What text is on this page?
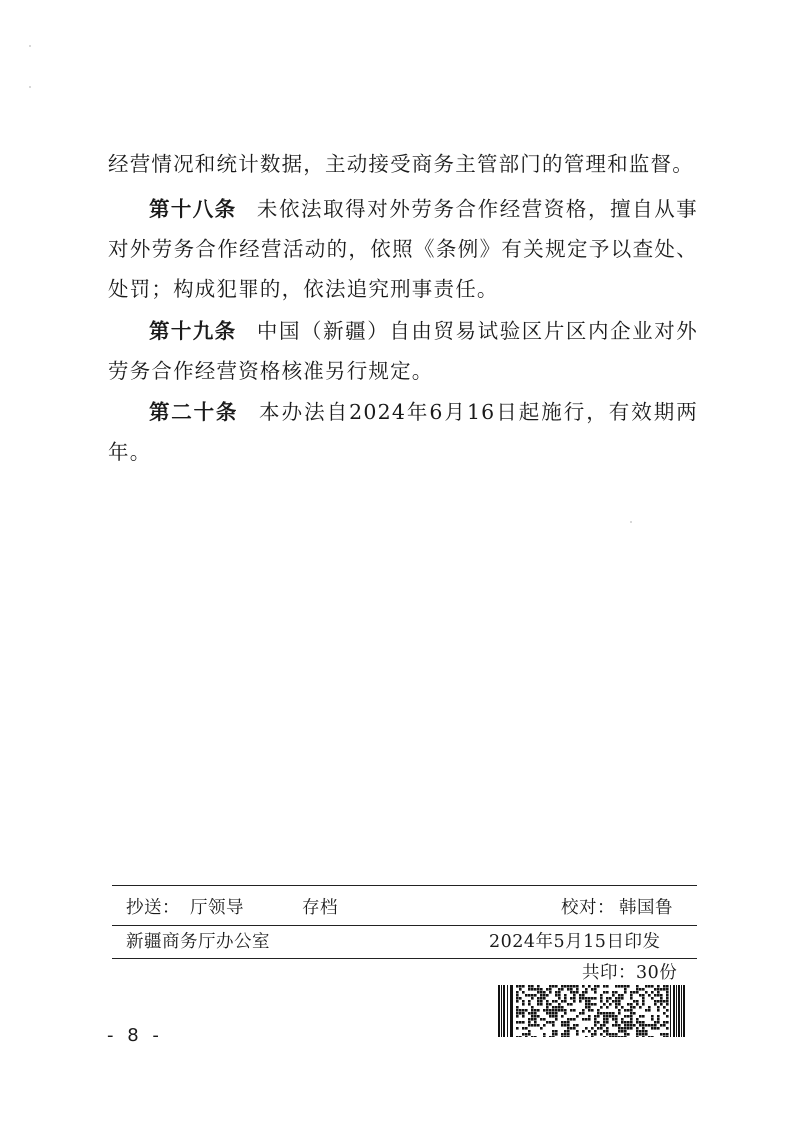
经营情况和统计数据，主动接受商务主管部门的管理和监督。

第十八条 未依法取得对外劳务合作经营资格，擅自从事对外劳务合作经营活动的，依照《条例》有关规定予以查处、处罚；构成犯罪的，依法追究刑事责任。

第十九条 中国（新疆）自由贸易试验区片区内企业对外劳务合作经营资格核准另行规定。

第二十条 本办法自2024年6月16日起施行，有效期两年。

抄送： 厅领导	存档	校对： 韩国鲁
新疆商务厅办公室	2024年5月15日印发
共印：30份
- 8 -
